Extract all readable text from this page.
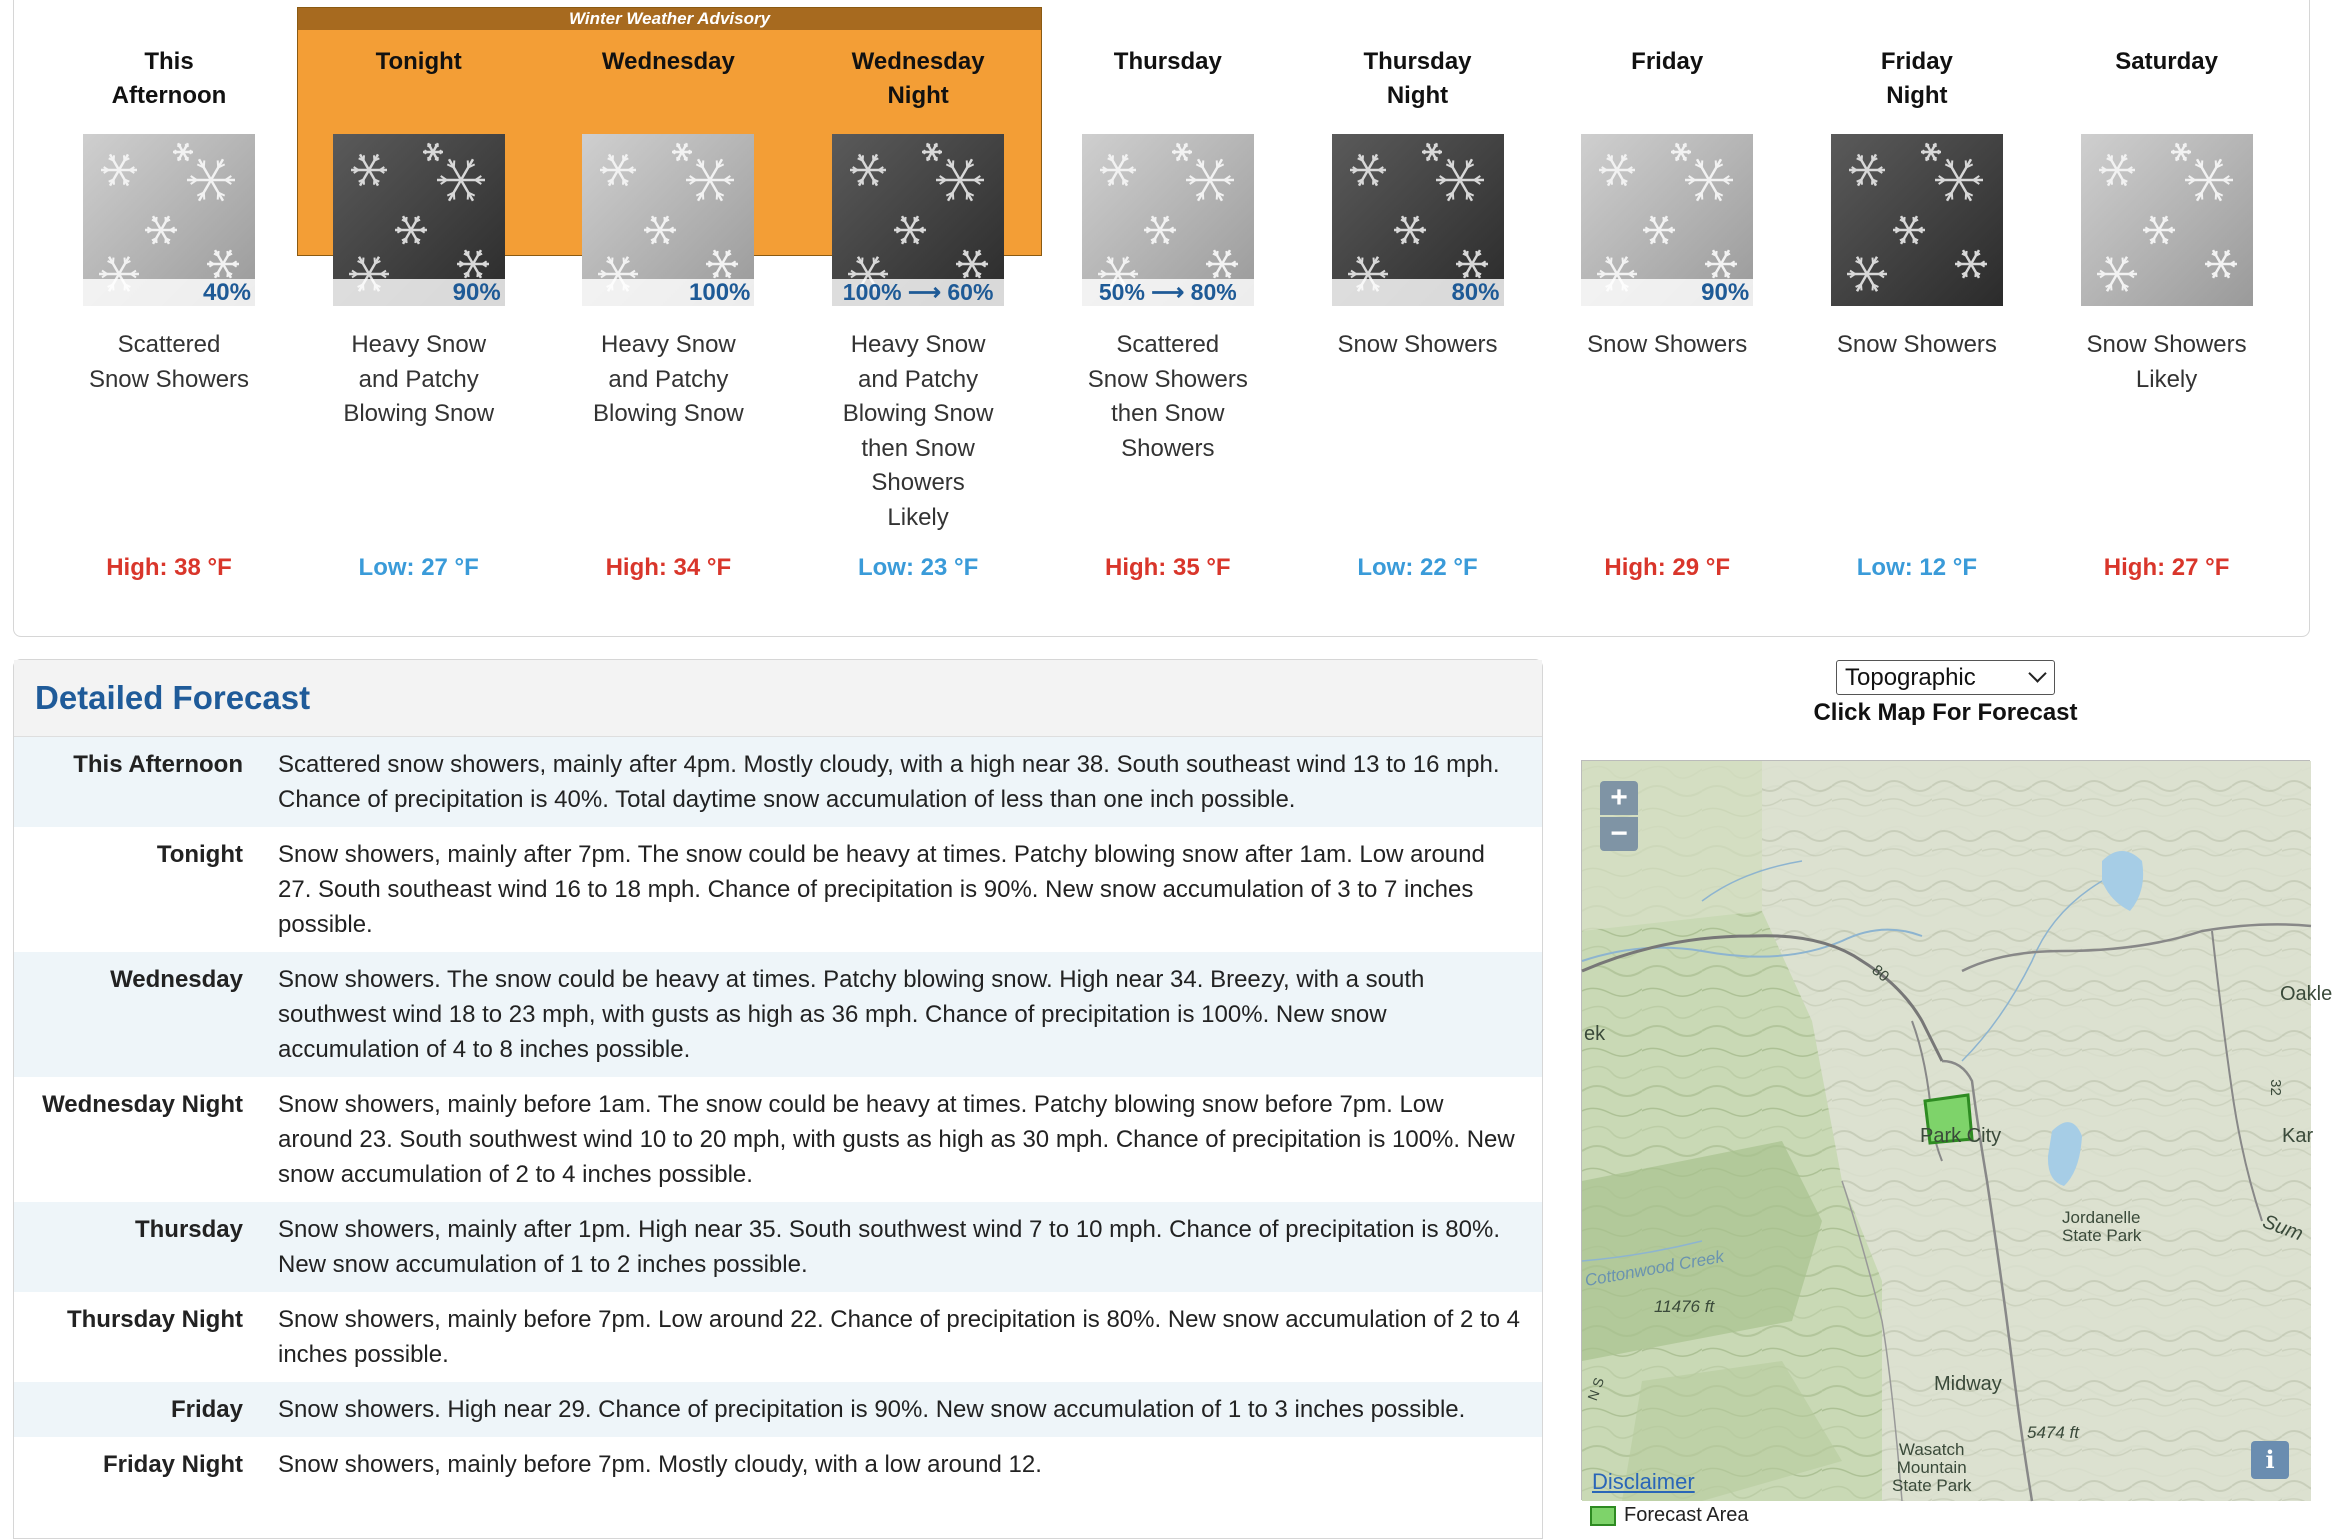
Winter Weather Advisory
This
Afternoon
40%
Scattered
Snow Showers
High: 38 °F
Tonight
90%
Heavy Snow
and Patchy
Blowing Snow
Low: 27 °F
Wednesday
100%
Heavy Snow
and Patchy
Blowing Snow
High: 34 °F
Wednesday
Night
100% ⟶ 60%
Heavy Snow
and Patchy
Blowing Snow
then Snow
Showers
Likely
Low: 23 °F
Thursday
50% ⟶ 80%
Scattered
Snow Showers
then Snow
Showers
High: 35 °F
Thursday
Night
80%
Snow Showers
Low: 22 °F
Friday
90%
Snow Showers
High: 29 °F
Friday
Night
Snow Showers
Low: 12 °F
Saturday
Snow Showers
Likely
High: 27 °F
Detailed Forecast
This Afternoon	Scattered snow showers, mainly after 4pm. Mostly cloudy, with a high near 38. South southeast wind 13 to 16 mph. Chance of precipitation is 40%. Total daytime snow accumulation of less than one inch possible.
Tonight	Snow showers, mainly after 7pm. The snow could be heavy at times. Patchy blowing snow after 1am. Low around 27. South southeast wind 16 to 18 mph. Chance of precipitation is 90%. New snow accumulation of 3 to 7 inches possible.
Wednesday	Snow showers. The snow could be heavy at times. Patchy blowing snow. High near 34. Breezy, with a south southwest wind 18 to 23 mph, with gusts as high as 36 mph. Chance of precipitation is 100%. New snow accumulation of 4 to 8 inches possible.
Wednesday Night	Snow showers, mainly before 1am. The snow could be heavy at times. Patchy blowing snow before 7pm. Low around 23. South southwest wind 10 to 20 mph, with gusts as high as 30 mph. Chance of precipitation is 100%. New snow accumulation of 2 to 4 inches possible.
Thursday	Snow showers, mainly after 1pm. High near 35. South southwest wind 7 to 10 mph. Chance of precipitation is 80%. New snow accumulation of 1 to 2 inches possible.
Thursday Night	Snow showers, mainly before 7pm. Low around 22. Chance of precipitation is 80%. New snow accumulation of 2 to 4 inches possible.
Friday	Snow showers. High near 29. Chance of precipitation is 90%. New snow accumulation of 1 to 3 inches possible.
Friday Night	Snow showers, mainly before 7pm. Mostly cloudy, with a low around 12.
Topographic
Click Map For Forecast
Oakle
Kar
Park City
Jordanelle
State Park
Cottonwood Creek
11476 ft
Midway
5474 ft
Wasatch
Mountain
State Park
80
32
ek
Sum
N S
+
−
i
Disclaimer
Forecast Area
